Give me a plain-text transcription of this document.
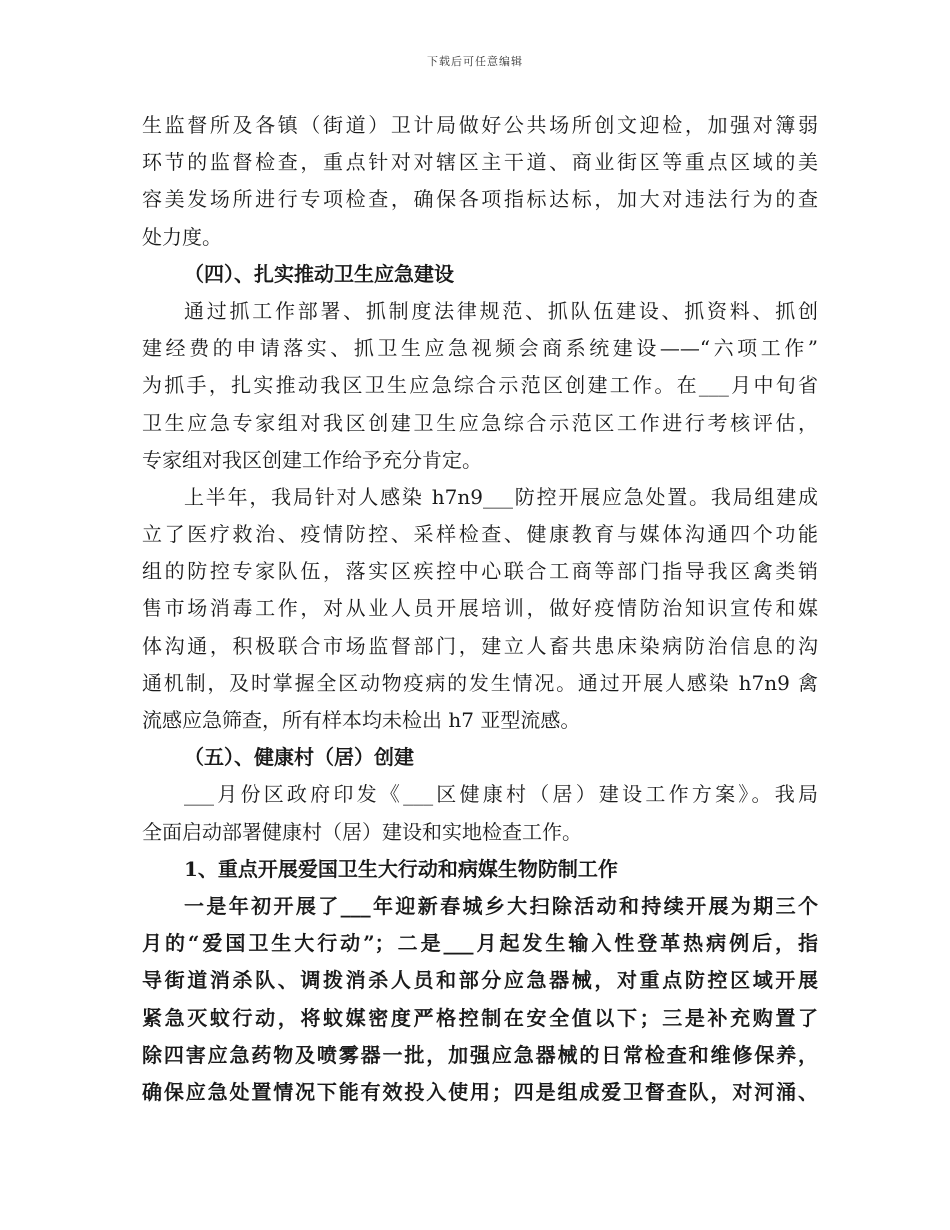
下载后可任意编辑
生监督所及各镇（街道）卫计局做好公共场所创文迎检，加强对簿弱
环节的监督检查，重点针对对辖区主干道、商业街区等重点区域的美
容美发场所进行专项检查，确保各项指标达标，加大对违法行为的查
处力度。
（四）、扎实推动卫生应急建设
通过抓工作部署、抓制度法律规范、抓队伍建设、抓资料、抓创
建经费的申请落实、抓卫生应急视频会商系统建设——“六项工作”
为抓手，扎实推动我区卫生应急综合示范区创建工作。在___月中旬省
卫生应急专家组对我区创建卫生应急综合示范区工作进行考核评估，
专家组对我区创建工作给予充分肯定。
上半年，我局针对人感染 h7n9___防控开展应急处置。我局组建成
立了医疗救治、疫情防控、采样检查、健康教育与媒体沟通四个功能
组的防控专家队伍，落实区疾控中心联合工商等部门指导我区禽类销
售市场消毒工作，对从业人员开展培训，做好疫情防治知识宣传和媒
体沟通，积极联合市场监督部门，建立人畜共患床染病防治信息的沟
通机制，及时掌握全区动物疫病的发生情况。通过开展人感染 h7n9 禽
流感应急筛查，所有样本均未检出 h7 亚型流感。
（五）、健康村（居）创建
___月份区政府印发《___区健康村（居）建设工作方案》。我局
全面启动部署健康村（居）建设和实地检查工作。
1、重点开展爱国卫生大行动和病媒生物防制工作
一是年初开展了___年迎新春城乡大扫除活动和持续开展为期三个
月的“爱国卫生大行动”；二是___月起发生输入性登革热病例后，指
导街道消杀队、调拨消杀人员和部分应急器械，对重点防控区域开展
紧急灭蚊行动，将蚊媒密度严格控制在安全值以下；三是补充购置了
除四害应急药物及喷雾器一批，加强应急器械的日常检查和维修保养，
确保应急处置情况下能有效投入使用；四是组成爱卫督查队，对河涌、
